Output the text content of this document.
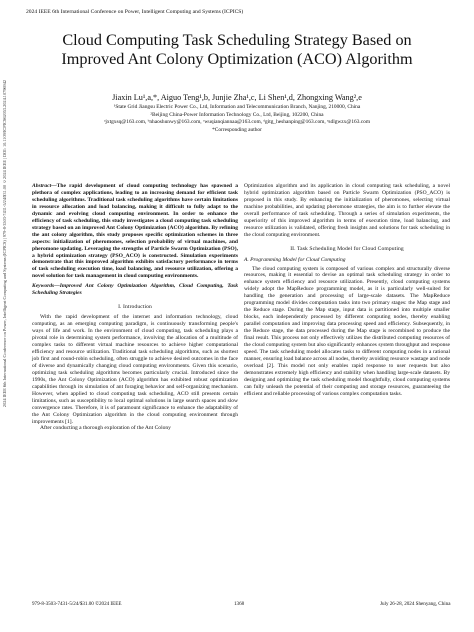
2024 IEEE 6th International Conference on Power, Intelligent Computing and Systems (ICPICS)
2024 IEEE 6th International Conference on Power, Intelligent Computing and Systems (ICPICS) | 979-8-3503-7431-5/24/$31.00 ©2024 IEEE | DOI: 10.1109/ICPICS62053.2024.10796942
Cloud Computing Task Scheduling Strategy Based on Improved Ant Colony Optimization (ACO) Algorithm
Jiaxin Lu¹,a,*, Aiguo Teng¹,b, Junjie Zha¹,c, Li Shen¹,d, Zhongxing Wang²,e
¹State Grid Jiangsu Electric Power Co., Ltd, Information and Telecommunication Branch, Nanjing, 210000, China
²Beijing China-Power Information Technology Co., Ltd, Beijing, 102200, China
ᵃjxtgxsq@163.com, ᵇnhaoshunwy@163.com, ᶜwuqianqiannaa@163.com, ᵈgitg_heshanping@163.com, ᵉsdlgwzx@163.com
*Corresponding author

Abstract—The rapid development of cloud computing technology has spawned a plethora of complex applications, leading to an increasing demand for efficient task scheduling algorithms. Traditional task scheduling algorithms have certain limitations in resource allocation and load balancing, making it difficult to fully adapt to the dynamic and evolving cloud computing environment. In order to enhance the efficiency of task scheduling, this study investigates a cloud computing task scheduling strategy based on an improved Ant Colony Optimization (ACO) algorithm. By refining the ant colony algorithm, this study proposes specific optimization schemes in three aspects: initialization of pheromones, selection probability of virtual machines, and pheromone updating. Leveraging the strengths of Particle Swarm Optimization (PSO), a hybrid optimization strategy (PSO_ACO) is constructed. Simulation experiments demonstrate that this improved algorithm exhibits satisfactory performance in terms of task scheduling execution time, load balancing, and resource utilization, offering a novel solution for task management in cloud computing environments.

Keywords—Improved Ant Colony Optimization Algorithm, Cloud Computing, Task Scheduling Strategies

I. Introduction

With the rapid development of the internet and information technology, cloud computing, as an emerging computing paradigm, is continuously transforming people's ways of life and work. In the environment of cloud computing, task scheduling plays a pivotal role in determining system performance, involving the allocation of a multitude of complex tasks to different virtual machine resources to achieve higher computational efficiency and resource utilization. Traditional task scheduling algorithms, such as shortest job first and round-robin scheduling, often struggle to achieve desired outcomes in the face of diverse and dynamically changing cloud computing environments. Given this scenario, optimizing task scheduling algorithms becomes particularly crucial. Introduced since the 1990s, the Ant Colony Optimization (ACO) algorithm has exhibited robust optimization capabilities through its simulation of ant foraging behavior and self-organizing mechanism. However, when applied to cloud computing task scheduling, ACO still presents certain limitations, such as susceptibility to local optimal solutions in large search spaces and slow convergence rates. Therefore, it is of paramount significance to enhance the adaptability of the Ant Colony Optimization algorithm in the cloud computing environment through improvements [1].

After conducting a thorough exploration of the Ant Colony

Optimization algorithm and its application in cloud computing task scheduling, a novel hybrid optimization algorithm based on Particle Swarm Optimization (PSO_ACO) is proposed in this study. By enhancing the initialization of pheromones, selecting virtual machine probabilities, and updating pheromone strategies, the aim is to further elevate the overall performance of task scheduling. Through a series of simulation experiments, the superiority of this improved algorithm in terms of execution time, load balancing, and resource utilization is validated, offering fresh insights and solutions for task scheduling in the cloud computing environment.

II. Task Scheduling Model for Cloud Computing
A. Programming Model for Cloud Computing

The cloud computing system is composed of various complex and structurally diverse resources, making it essential to devise an optimal task scheduling strategy in order to enhance system efficiency and resource utilization. Presently, cloud computing systems widely adopt the MapReduce programming model, as it is particularly well-suited for handling the generation and processing of large-scale datasets. The MapReduce programming model divides computation tasks into two primary stages: the Map stage and the Reduce stage. During the Map stage, input data is partitioned into multiple smaller blocks, each independently processed by different computing nodes, thereby enabling parallel computation and improving data processing speed and efficiency. Subsequently, in the Reduce stage, the data processed during the Map stage is recombined to produce the final result. This process not only effectively utilizes the distributed computing resources of the cloud computing system but also significantly enhances system throughput and response speed. The task scheduling model allocates tasks to different computing nodes in a rational manner, ensuring load balance across all nodes, thereby avoiding resource wastage and node overload [2]. This model not only enables rapid response to user requests but also demonstrates extremely high efficiency and stability when handling large-scale datasets. By designing and optimizing the task scheduling model thoughtfully, cloud computing systems can fully unleash the potential of their computing and storage resources, guaranteeing the efficient and reliable processing of various complex computation tasks.

979-8-3503-7431-5/24/$31.00 ©2024 IEEE	1368	July 26-28, 2024 Shenyang, China
